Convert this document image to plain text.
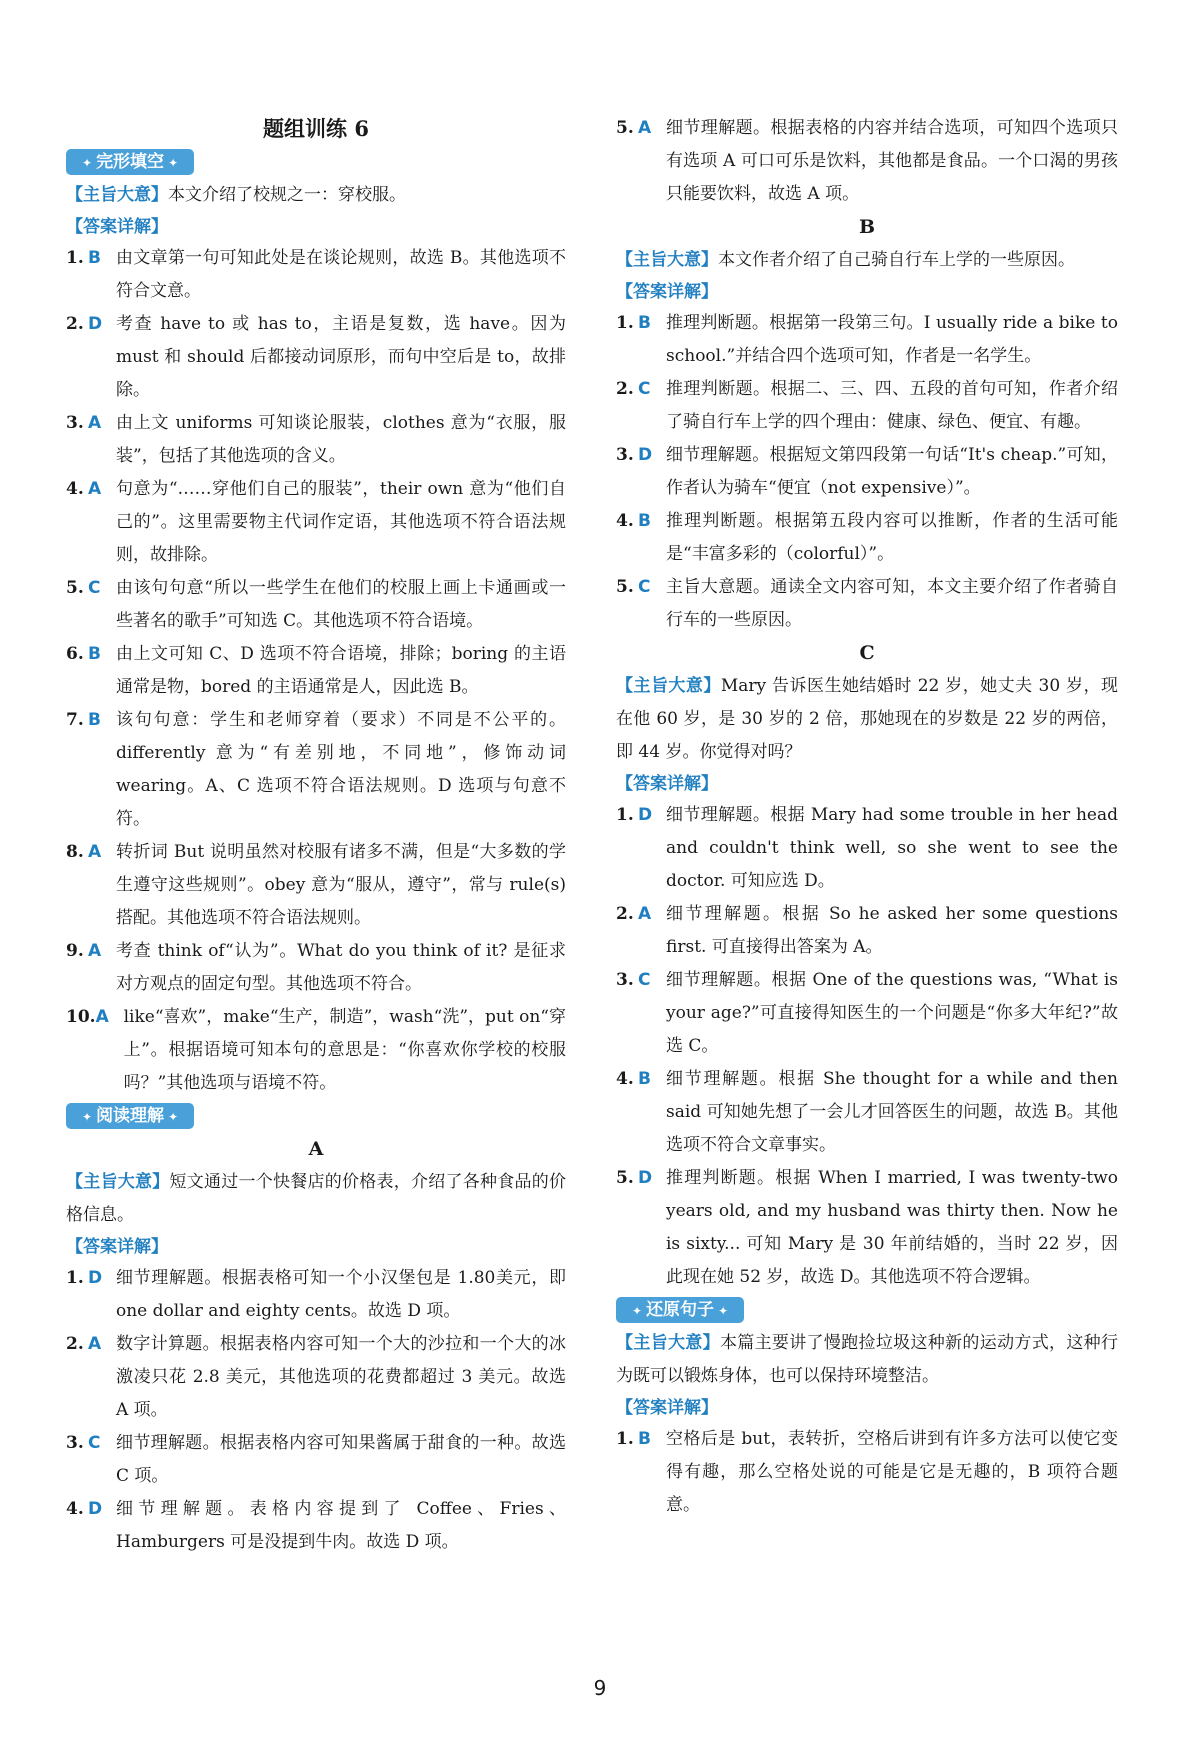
题组训练 6
✦ 完形填空 ✦
【主旨大意】本文介绍了校规之一：穿校服。
【答案详解】
1. B 由文章第一句可知此处是在谈论规则，故选 B。其他选项不符合文意。
2. D 考查 have to 或 has to，主语是复数，选 have。因为 must 和 should 后都接动词原形，而句中空后是 to，故排除。
3. A 由上文 uniforms 可知谈论服装，clothes 意为“衣服，服装”，包括了其他选项的含义。
4. A 句意为“……穿他们自己的服装”，their own 意为“他们自己的”。这里需要物主代词作定语，其他选项不符合语法规则，故排除。
5. C 由该句句意“所以一些学生在他们的校服上画上卡通画或一些著名的歌手”可知选 C。其他选项不符合语境。
6. B 由上文可知 C、D 选项不符合语境，排除；boring 的主语通常是物，bored 的主语通常是人，因此选 B。
7. B 该句句意：学生和老师穿着（要求）不同是不公平的。differently 意为“有差别地，不同地”，修饰动词 wearing。A、C 选项不符合语法规则。D 选项与句意不符。
8. A 转折词 But 说明虽然对校服有诸多不满，但是“大多数的学生遵守这些规则”。obey 意为“服从，遵守”，常与 rule(s) 搭配。其他选项不符合语法规则。
9. A 考查 think of“认为”。What do you think of it? 是征求对方观点的固定句型。其他选项不符合。
10. A like“喜欢”，make“生产，制造”，wash“洗”，put on“穿上”。根据语境可知本句的意思是：“你喜欢你学校的校服吗？”其他选项与语境不符。
✦ 阅读理解 ✦
A
【主旨大意】短文通过一个快餐店的价格表，介绍了各种食品的价格信息。
【答案详解】
1. D 细节理解题。根据表格可知一个小汉堡包是 1.80美元，即 one dollar and eighty cents。故选 D 项。
2. A 数字计算题。根据表格内容可知一个大的沙拉和一个大的冰激凌只花 2.8 美元，其他选项的花费都超过 3 美元。故选 A 项。
3. C 细节理解题。根据表格内容可知果酱属于甜食的一种。故选 C 项。
4. D 细节理解题。表格内容提到了 Coffee、Fries、Hamburgers 可是没提到牛肉。故选 D 项。
5. A 细节理解题。根据表格的内容并结合选项，可知四个选项只有选项 A 可口可乐是饮料，其他都是食品。一个口渴的男孩只能要饮料，故选 A 项。
B
【主旨大意】本文作者介绍了自己骑自行车上学的一些原因。
【答案详解】
1. B 推理判断题。根据第一段第三句。I usually ride a bike to school.”并结合四个选项可知，作者是一名学生。
2. C 推理判断题。根据二、三、四、五段的首句可知，作者介绍了骑自行车上学的四个理由：健康、绿色、便宜、有趣。
3. D 细节理解题。根据短文第四段第一句话“It's cheap.”可知，作者认为骑车“便宜（not expensive）”。
4. B 推理判断题。根据第五段内容可以推断，作者的生活可能是“丰富多彩的（colorful）”。
5. C 主旨大意题。通读全文内容可知，本文主要介绍了作者骑自行车的一些原因。
C
【主旨大意】Mary 告诉医生她结婚时 22 岁，她丈夫 30 岁，现在他 60 岁，是 30 岁的 2 倍，那她现在的岁数是 22 岁的两倍，即 44 岁。你觉得对吗？
【答案详解】
1. D 细节理解题。根据 Mary had some trouble in her head and couldn't think well, so she went to see the doctor. 可知应选 D。
2. A 细节理解题。根据 So he asked her some questions first. 可直接得出答案为 A。
3. C 细节理解题。根据 One of the questions was, “What is your age?”可直接得知医生的一个问题是“你多大年纪?”故选 C。
4. B 细节理解题。根据 She thought for a while and then said 可知她先想了一会儿才回答医生的问题，故选 B。其他选项不符合文章事实。
5. D 推理判断题。根据 When I married, I was twenty-two years old, and my husband was thirty then. Now he is sixty... 可知 Mary 是 30 年前结婚的，当时 22 岁，因此现在她 52 岁，故选 D。其他选项不符合逻辑。
✦ 还原句子 ✦
【主旨大意】本篇主要讲了慢跑捡垃圾这种新的运动方式，这种行为既可以锻炼身体，也可以保持环境整洁。
【答案详解】
1. B 空格后是 but，表转折，空格后讲到有许多方法可以使它变得有趣，那么空格处说的可能是它是无趣的，B 项符合题意。
9
